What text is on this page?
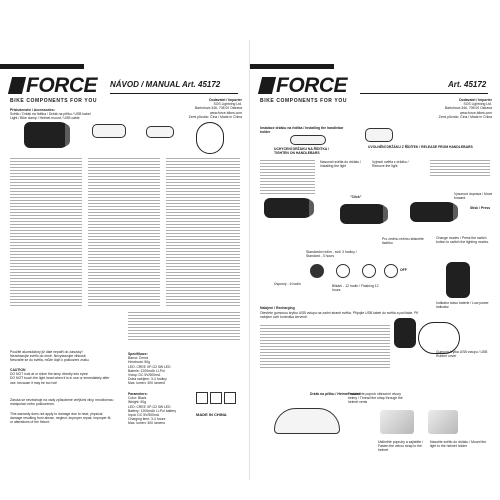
FORCE
BIKE COMPONENTS FOR YOU
NÁVOD / MANUAL Art. 45172
Dodavatel / Importer
SOS Lightning Ltd.
Bartoňova 346, 708 00 Ostrava
www.force-bikes.com
Zemi původu: Čína / Made in China
Příslušenství / Accessories:
Světlo / Držák na řidítka / Držák na přilbu / USB kabel
Light / Bike clamp / Helmet mount / USB cable
Použité akumulátory již dále nepatří do zásuvky!
Nezahazujte světlo do ohně. Nevystavujte vlhkosti.
Nesvaťte se do světla, může dojít k poškození zraku.
CAUTION
DO NOT look at or shine the lamp directly into eyes!
DO NOT touch the light head when it is in use or immediately after use, because it may be too hot!
Záruka se nevztahuje na vady způsobené vnějšími vlivy, neodbornou manipulací nebo poškozením.
This warranty does not apply to damage due to heat, physical damage resulting from abuse, neglect, improper repair, improper fit, or alterations of the fixture.
Specifikace:
Barva: Černá
Hmotnost: 50g
LED: CREE XP-G2 5W LED
Baterie: 1200mAh Li-Pol
Vstup: DC 5V/500mA
Doba nabíjení: 3-4 hodiny
Max. lumen: 300 lumenů
Parameters:
Color: Black
Weight: 50g
LED: CREE XP-G2 5W LED
Battery: 1200mAh Li-Pol battery
Input: DC 5V/500mA
Charging time: 3-4 hours
Max. lumen: 300 lumens
MADE IN CHINA
FORCE
BIKE COMPONENTS FOR YOU
Art. 45172
Dodavatel / Importer
SOS Lightning Ltd.
Bartoňova 346, 708 00 Ostrava
www.force-bikes.com
Zemi původu: Čína / Made in China
Instalace držáku na řidítka / Installing the handlebar holder
UCHYCENÍ DRŽÁKU NA ŘÍDÍTKA / TIGHTEN ON HANDLEBARS
UVOLNĚNÍ DRŽÁKU Z ŘÍDÍTEK / RELEASE FROM HANDLEBARS
Nasunutí světla do držáku / Installing the light
Vyjmutí světla z držáku / Remove the light
"Click"
Vysunout doprava / Move forward
Stisk / Press
Pro změnu režimu stiskněte tlačítko
Change modes / Press the switch button to switch the lighting modes.
Standardní režim - svítí 3 hodiny / Standard - 3 hours
OFF
Úsporný - 6 hodin	Blikání - 12 hodin / Flashing 12 hours
Indikátor stavu baterie / Low power indicator
Nabíjení / Recharging
Otevřete gumovou krytku USB vstupu na zadní straně světla. Připojte USB kabel do světla a počítače. Při nabíjení svítí kontrolka červeně.
Gumová krytka USB vstupu / USB Rubber cover
Držák na přilbu / Helmet mount
Protáhněte popruh větracími otvory helmy / Thread the strap through the helmet vents
Utáhněte popruhy a zajistěte / Fasten the velcro strap to the helmet
Nasuňte světlo do držáku / Mount the light to the helmet holder
